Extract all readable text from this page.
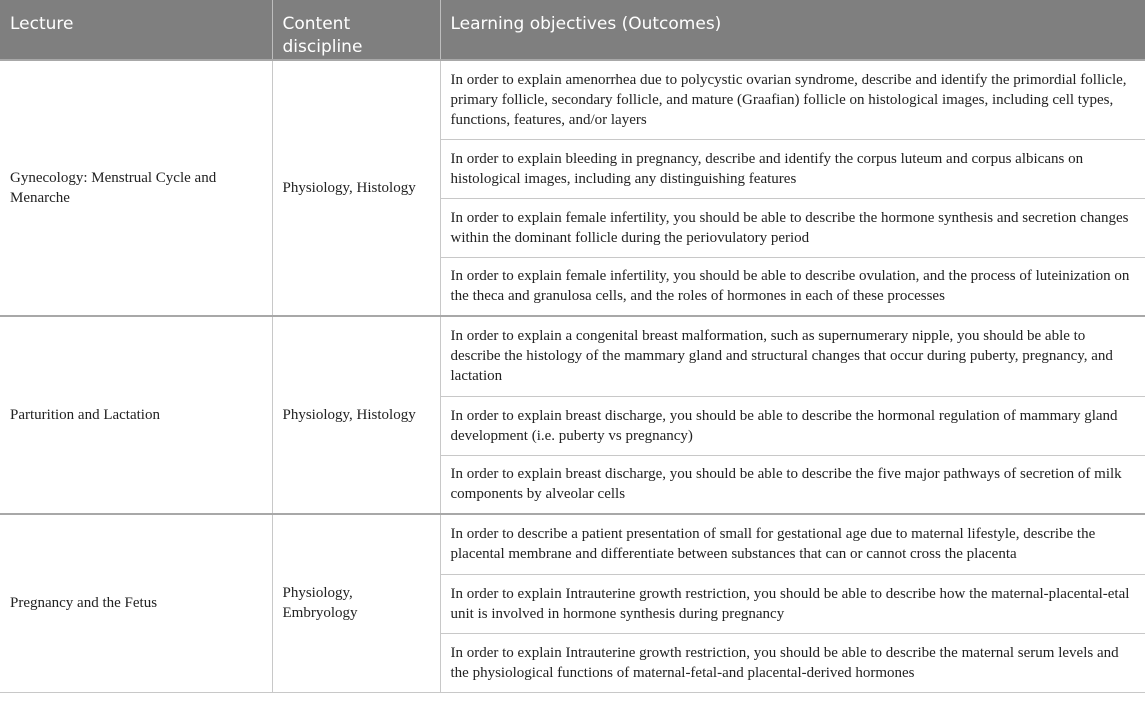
Lecture	Content discipline	Learning objectives (Outcomes)
Gynecology: Menstrual Cycle and Menarche	Physiology, Histology	In order to explain amenorrhea due to polycystic ovarian syndrome, describe and identify the primordial follicle, primary follicle, secondary follicle, and mature (Graafian) follicle on histological images, including cell types, functions, features, and/or layers
		In order to explain bleeding in pregnancy, describe and identify the corpus luteum and corpus albicans on histological images, including any distinguishing features
		In order to explain female infertility, you should be able to describe the hormone synthesis and secretion changes within the dominant follicle during the periovulatory period
		In order to explain female infertility, you should be able to describe ovulation, and the process of luteinization on the theca and granulosa cells, and the roles of hormones in each of these processes
Parturition and Lactation	Physiology, Histology	In order to explain a congenital breast malformation, such as supernumerary nipple, you should be able to describe the histology of the mammary gland and structural changes that occur during puberty, pregnancy, and lactation
		In order to explain breast discharge, you should be able to describe the hormonal regulation of mammary gland development (i.e. puberty vs pregnancy)
		In order to explain breast discharge, you should be able to describe the five major pathways of secretion of milk components by alveolar cells
Pregnancy and the Fetus	Physiology, Embryology	In order to describe a patient presentation of small for gestational age due to maternal lifestyle, describe the placental membrane and differentiate between substances that can or cannot cross the placenta
		In order to explain Intrauterine growth restriction, you should be able to describe how the maternal-placental-etal unit is involved in hormone synthesis during pregnancy
		In order to explain Intrauterine growth restriction, you should be able to describe the maternal serum levels and the physiological functions of maternal-fetal-and placental-derived hormones
